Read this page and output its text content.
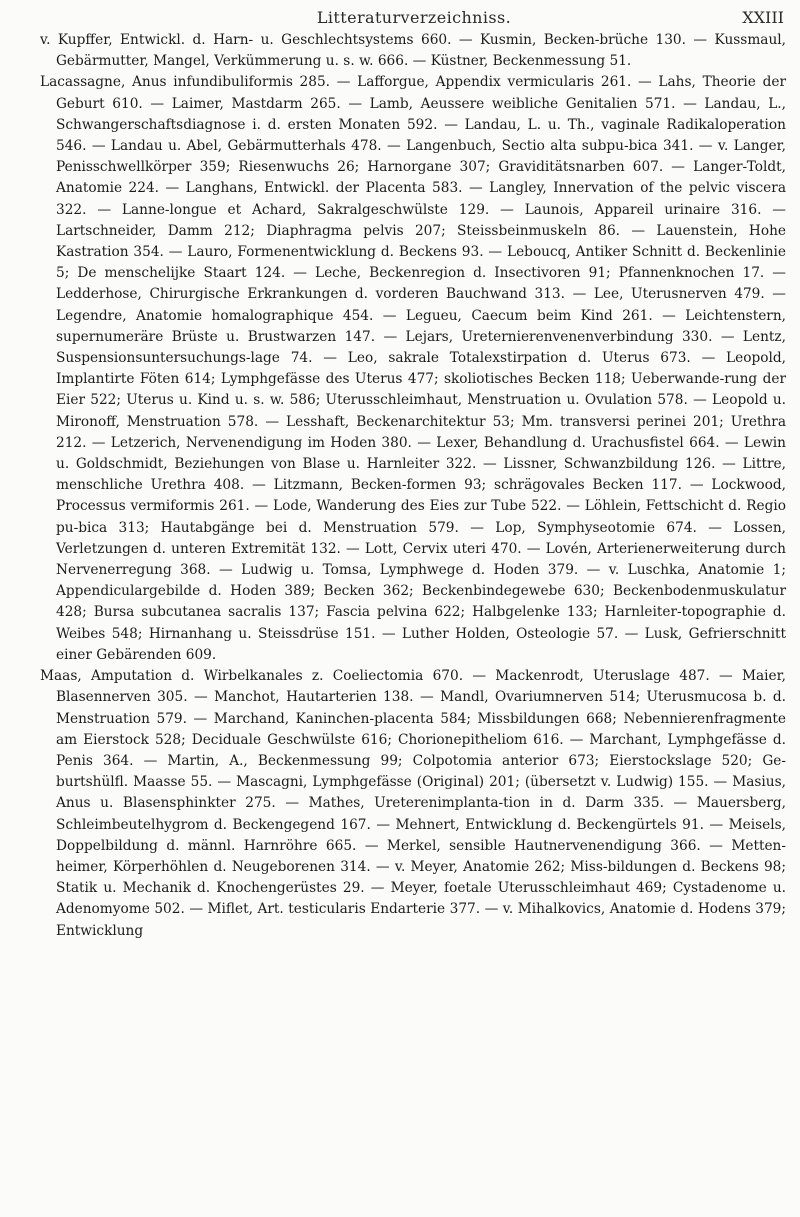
Litteraturverzeichniss.	XXIII

v. Kupffer, Entwickl. d. Harn- u. Geschlechtsystems 660. — Kusmin, Becken-brüche 130. — Kussmaul, Gebärmutter, Mangel, Verkümmerung u. s. w. 666. — Küstner, Beckenmessung 51.

Lacassagne, Anus infundibuliformis 285. — Lafforgue, Appendix vermicularis 261. — Lahs, Theorie der Geburt 610. — Laimer, Mastdarm 265. — Lamb, Aeussere weibliche Genitalien 571. — Landau, L., Schwangerschaftsdiagnose i. d. ersten Monaten 592. — Landau, L. u. Th., vaginale Radikaloperation 546. — Landau u. Abel, Gebärmutterhals 478. — Langenbuch, Sectio alta subpu-bica 341. — v. Langer, Penisschwellkörper 359; Riesenwuchs 26; Harnorgane 307; Graviditätsnarben 607. — Langer-Toldt, Anatomie 224. — Langhans, Entwickl. der Placenta 583. — Langley, Innervation of the pelvic viscera 322. — Lanne-longue et Achard, Sakralgeschwülste 129. — Launois, Appareil urinaire 316. — Lartschneider, Damm 212; Diaphragma pelvis 207; Steissbeinmuskeln 86. — Lauenstein, Hohe Kastration 354. — Lauro, Formenentwicklung d. Beckens 93. — Leboucq, Antiker Schnitt d. Beckenlinie 5; De menschelijke Staart 124. — Leche, Beckenregion d. Insectivoren 91; Pfannenknochen 17. — Ledderhose, Chirurgische Erkrankungen d. vorderen Bauchwand 313. — Lee, Uterusnerven 479. — Legendre, Anatomie homalographique 454. — Legueu, Caecum beim Kind 261. — Leichtenstern, supernumeräre Brüste u. Brustwarzen 147. — Lejars, Ureternierenvenenverbindung 330. — Lentz, Suspensionsuntersuchungs-lage 74. — Leo, sakrale Totalexstirpation d. Uterus 673. — Leopold, Implantirte Föten 614; Lymphgefässe des Uterus 477; skoliotisches Becken 118; Ueberwande-rung der Eier 522; Uterus u. Kind u. s. w. 586; Uterusschleimhaut, Menstruation u. Ovulation 578. — Leopold u. Mironoff, Menstruation 578. — Lesshaft, Beckenarchitektur 53; Mm. transversi perinei 201; Urethra 212. — Letzerich, Nervenendigung im Hoden 380. — Lexer, Behandlung d. Urachusfistel 664. — Lewin u. Goldschmidt, Beziehungen von Blase u. Harnleiter 322. — Lissner, Schwanzbildung 126. — Littre, menschliche Urethra 408. — Litzmann, Becken-formen 93; schrägovales Becken 117. — Lockwood, Processus vermiformis 261. — Lode, Wanderung des Eies zur Tube 522. — Löhlein, Fettschicht d. Regio pu-bica 313; Hautabgänge bei d. Menstruation 579. — Lop, Symphyseotomie 674. — Lossen, Verletzungen d. unteren Extremität 132. — Lott, Cervix uteri 470. — Lovén, Arterienerweiterung durch Nervenerregung 368. — Ludwig u. Tomsa, Lymphwege d. Hoden 379. — v. Luschka, Anatomie 1; Appendiculargebilde d. Hoden 389; Becken 362; Beckenbindegewebe 630; Beckenbodenmuskulatur 428; Bursa subcutanea sacralis 137; Fascia pelvina 622; Halbgelenke 133; Harnleiter-topographie d. Weibes 548; Hirnanhang u. Steissdrüse 151. — Luther Holden, Osteologie 57. — Lusk, Gefrierschnitt einer Gebärenden 609.

Maas, Amputation d. Wirbelkanales z. Coeliectomia 670. — Mackenrodt, Uteruslage 487. — Maier, Blasennerven 305. — Manchot, Hautarterien 138. — Mandl, Ovariumnerven 514; Uterusmucosa b. d. Menstruation 579. — Marchand, Kaninchen-placenta 584; Missbildungen 668; Nebennierenfragmente am Eierstock 528; Deciduale Geschwülste 616; Chorionepitheliom 616. — Marchant, Lymphgefässe d. Penis 364. — Martin, A., Beckenmessung 99; Colpotomia anterior 673; Eierstockslage 520; Ge-burtshülfl. Maasse 55. — Mascagni, Lymphgefässe (Original) 201; (übersetzt v. Ludwig) 155. — Masius, Anus u. Blasensphinkter 275. — Mathes, Ureterenimplanta-tion in d. Darm 335. — Mauersberg, Schleimbeutelhygrom d. Beckengegend 167. — Mehnert, Entwicklung d. Beckengürtels 91. — Meisels, Doppelbildung d. männl. Harnröhre 665. — Merkel, sensible Hautnervenendigung 366. — Metten-heimer, Körperhöhlen d. Neugeborenen 314. — v. Meyer, Anatomie 262; Miss-bildungen d. Beckens 98; Statik u. Mechanik d. Knochengerüstes 29. — Meyer, foetale Uterusschleimhaut 469; Cystadenome u. Adenomyome 502. — Miflet, Art. testicularis Endarterie 377. — v. Mihalkovics, Anatomie d. Hodens 379; Entwicklung
